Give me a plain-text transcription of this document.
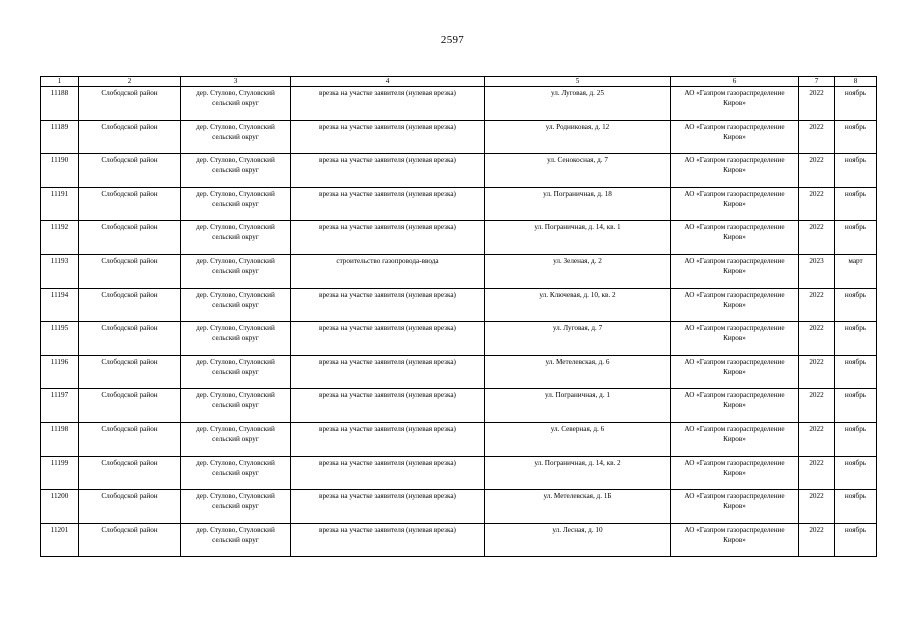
2597
1	2	3	4	5	6	7	8
11188	Слободской район	дер. Стулово, Стуловский сельский округ	врезка на участке заявителя (нулевая врезка)	ул. Луговая, д. 25	АО «Газпром газораспределение Киров»	2022	ноябрь
11189	Слободской район	дер. Стулово, Стуловский сельский округ	врезка на участке заявителя (нулевая врезка)	ул. Родниковая, д. 12	АО «Газпром газораспределение Киров»	2022	ноябрь
11190	Слободской район	дер. Стулово, Стуловский сельский округ	врезка на участке заявителя (нулевая врезка)	ул. Сенокосная, д. 7	АО «Газпром газораспределение Киров»	2022	ноябрь
11191	Слободской район	дер. Стулово, Стуловский сельский округ	врезка на участке заявителя (нулевая врезка)	ул. Пограничная, д. 18	АО «Газпром газораспределение Киров»	2022	ноябрь
11192	Слободской район	дер. Стулово, Стуловский сельский округ	врезка на участке заявителя (нулевая врезка)	ул. Пограничная, д. 14, кв. 1	АО «Газпром газораспределение Киров»	2022	ноябрь
11193	Слободской район	дер. Стулово, Стуловский сельский округ	строительство газопровода-ввода	ул. Зеленая, д. 2	АО «Газпром газораспределение Киров»	2023	март
11194	Слободской район	дер. Стулово, Стуловский сельский округ	врезка на участке заявителя (нулевая врезка)	ул. Ключевая, д. 10, кв. 2	АО «Газпром газораспределение Киров»	2022	ноябрь
11195	Слободской район	дер. Стулово, Стуловский сельский округ	врезка на участке заявителя (нулевая врезка)	ул. Луговая, д. 7	АО «Газпром газораспределение Киров»	2022	ноябрь
11196	Слободской район	дер. Стулово, Стуловский сельский округ	врезка на участке заявителя (нулевая врезка)	ул. Метелевская, д. 6	АО «Газпром газораспределение Киров»	2022	ноябрь
11197	Слободской район	дер. Стулово, Стуловский сельский округ	врезка на участке заявителя (нулевая врезка)	ул. Пограничная, д. 1	АО «Газпром газораспределение Киров»	2022	ноябрь
11198	Слободской район	дер. Стулово, Стуловский сельский округ	врезка на участке заявителя (нулевая врезка)	ул. Северная, д. 6	АО «Газпром газораспределение Киров»	2022	ноябрь
11199	Слободской район	дер. Стулово, Стуловский сельский округ	врезка на участке заявителя (нулевая врезка)	ул. Пограничная, д. 14, кв. 2	АО «Газпром газораспределение Киров»	2022	ноябрь
11200	Слободской район	дер. Стулово, Стуловский сельский округ	врезка на участке заявителя (нулевая врезка)	ул. Метелевская, д. 1Б	АО «Газпром газораспределение Киров»	2022	ноябрь
11201	Слободской район	дер. Стулово, Стуловский сельский округ	врезка на участке заявителя (нулевая врезка)	ул. Лесная, д. 10	АО «Газпром газораспределение Киров»	2022	ноябрь
